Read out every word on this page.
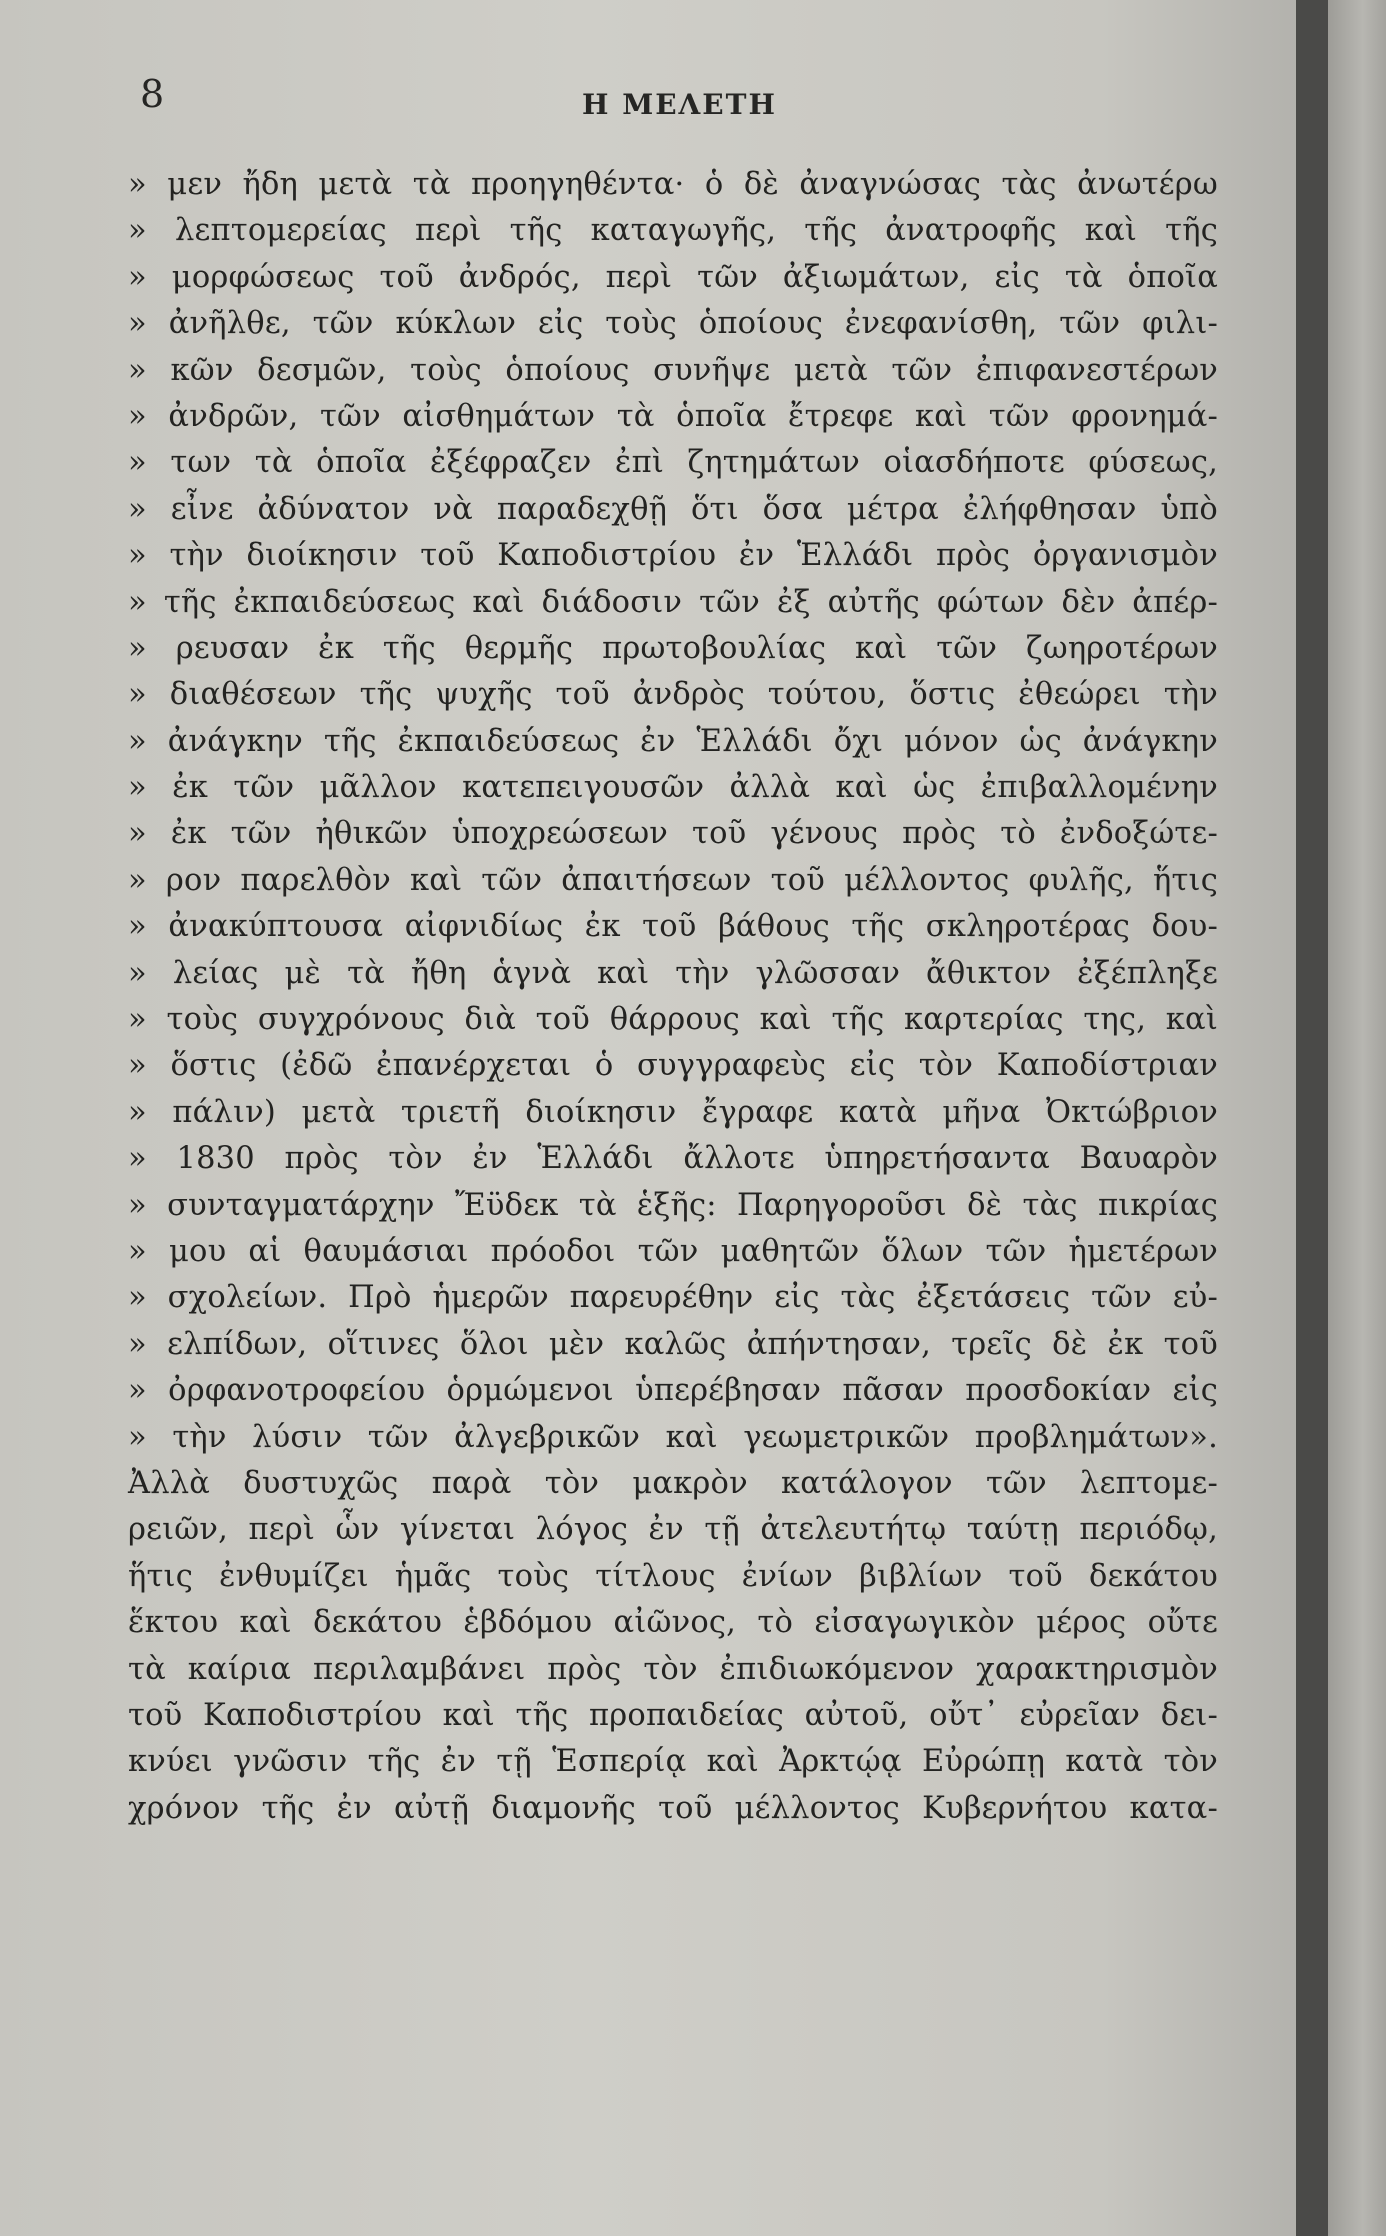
8	Η ΜΕΛΕΤΗ
» μεν ἤδη μετὰ τὰ προηγηθέντα· ὁ δὲ ἀναγνώσας τὰς ἀνωτέρω
» λεπτομερείας περὶ τῆς καταγωγῆς, τῆς ἀνατροφῆς καὶ τῆς
» μορφώσεως τοῦ ἀνδρός, περὶ τῶν ἀξιωμάτων, εἰς τὰ ὁποῖα
» ἀνῆλθε, τῶν κύκλων εἰς τοὺς ὁποίους ἐνεφανίσθη, τῶν φιλι-
» κῶν δεσμῶν, τοὺς ὁποίους συνῆψε μετὰ τῶν ἐπιφανεστέρων
» ἀνδρῶν, τῶν αἰσθημάτων τὰ ὁποῖα ἔτρεφε καὶ τῶν φρονημά-
» των τὰ ὁποῖα ἐξέφραζεν ἐπὶ ζητημάτων οἱασδήποτε φύσεως,
» εἶνε ἀδύνατον νὰ παραδεχθῇ ὅτι ὅσα μέτρα ἐλήφθησαν ὑπὸ
» τὴν διοίκησιν τοῦ Καποδιστρίου ἐν Ἑλλάδι πρὸς ὀργανισμὸν
» τῆς ἐκπαιδεύσεως καὶ διάδοσιν τῶν ἐξ αὐτῆς φώτων δὲν ἀπέρ-
» ρευσαν ἐκ τῆς θερμῆς πρωτοβουλίας καὶ τῶν ζωηροτέρων
» διαθέσεων τῆς ψυχῆς τοῦ ἀνδρὸς τούτου, ὅστις ἐθεώρει τὴν
» ἀνάγκην τῆς ἐκπαιδεύσεως ἐν Ἑλλάδι ὄχι μόνον ὡς ἀνάγκην
» ἐκ τῶν μᾶλλον κατεπειγουσῶν ἀλλὰ καὶ ὡς ἐπιβαλλομένην
» ἐκ τῶν ἠθικῶν ὑποχρεώσεων τοῦ γένους πρὸς τὸ ἐνδοξώτε-
» ρον παρελθὸν καὶ τῶν ἀπαιτήσεων τοῦ μέλλοντος φυλῆς, ἥτις
» ἀνακύπτουσα αἰφνιδίως ἐκ τοῦ βάθους τῆς σκληροτέρας δου-
» λείας μὲ τὰ ἤθη ἁγνὰ καὶ τὴν γλῶσσαν ἄθικτον ἐξέπληξε
» τοὺς συγχρόνους διὰ τοῦ θάρρους καὶ τῆς καρτερίας της, καὶ
» ὅστις (ἐδῶ ἐπανέρχεται ὁ συγγραφεὺς εἰς τὸν Καποδίστριαν
» πάλιν) μετὰ τριετῆ διοίκησιν ἔγραφε κατὰ μῆνα Ὀκτώβριον
» 1830 πρὸς τὸν ἐν Ἑλλάδι ἄλλοτε ὑπηρετήσαντα Βαυαρὸν
» συνταγματάρχην Ἔϋδεκ τὰ ἑξῆς: Παρηγοροῦσι δὲ τὰς πικρίας
» μου αἱ θαυμάσιαι πρόοδοι τῶν μαθητῶν ὅλων τῶν ἡμετέρων
» σχολείων. Πρὸ ἡμερῶν παρευρέθην εἰς τὰς ἐξετάσεις τῶν εὐ-
» ελπίδων, οἵτινες ὅλοι μὲν καλῶς ἀπήντησαν, τρεῖς δὲ ἐκ τοῦ
» ὀρφανοτροφείου ὁρμώμενοι ὑπερέβησαν πᾶσαν προσδοκίαν εἰς
» τὴν λύσιν τῶν ἀλγεβρικῶν καὶ γεωμετρικῶν προβλημάτων».
Ἀλλὰ δυστυχῶς παρὰ τὸν μακρὸν κατάλογον τῶν λεπτομε-
ρειῶν, περὶ ὧν γίνεται λόγος ἐν τῇ ἀτελευτήτῳ ταύτῃ περιόδῳ,
ἥτις ἐνθυμίζει ἡμᾶς τοὺς τίτλους ἐνίων βιβλίων τοῦ δεκάτου
ἕκτου καὶ δεκάτου ἑβδόμου αἰῶνος, τὸ εἰσαγωγικὸν μέρος οὔτε
τὰ καίρια περιλαμβάνει πρὸς τὸν ἐπιδιωκόμενον χαρακτηρισμὸν
τοῦ Καποδιστρίου καὶ τῆς προπαιδείας αὐτοῦ, οὔτ᾽ εὐρεῖαν δει-
κνύει γνῶσιν τῆς ἐν τῇ Ἑσπερίᾳ καὶ Ἀρκτῴᾳ Εὐρώπῃ κατὰ τὸν
χρόνον τῆς ἐν αὐτῇ διαμονῆς τοῦ μέλλοντος Κυβερνήτου κατα-
